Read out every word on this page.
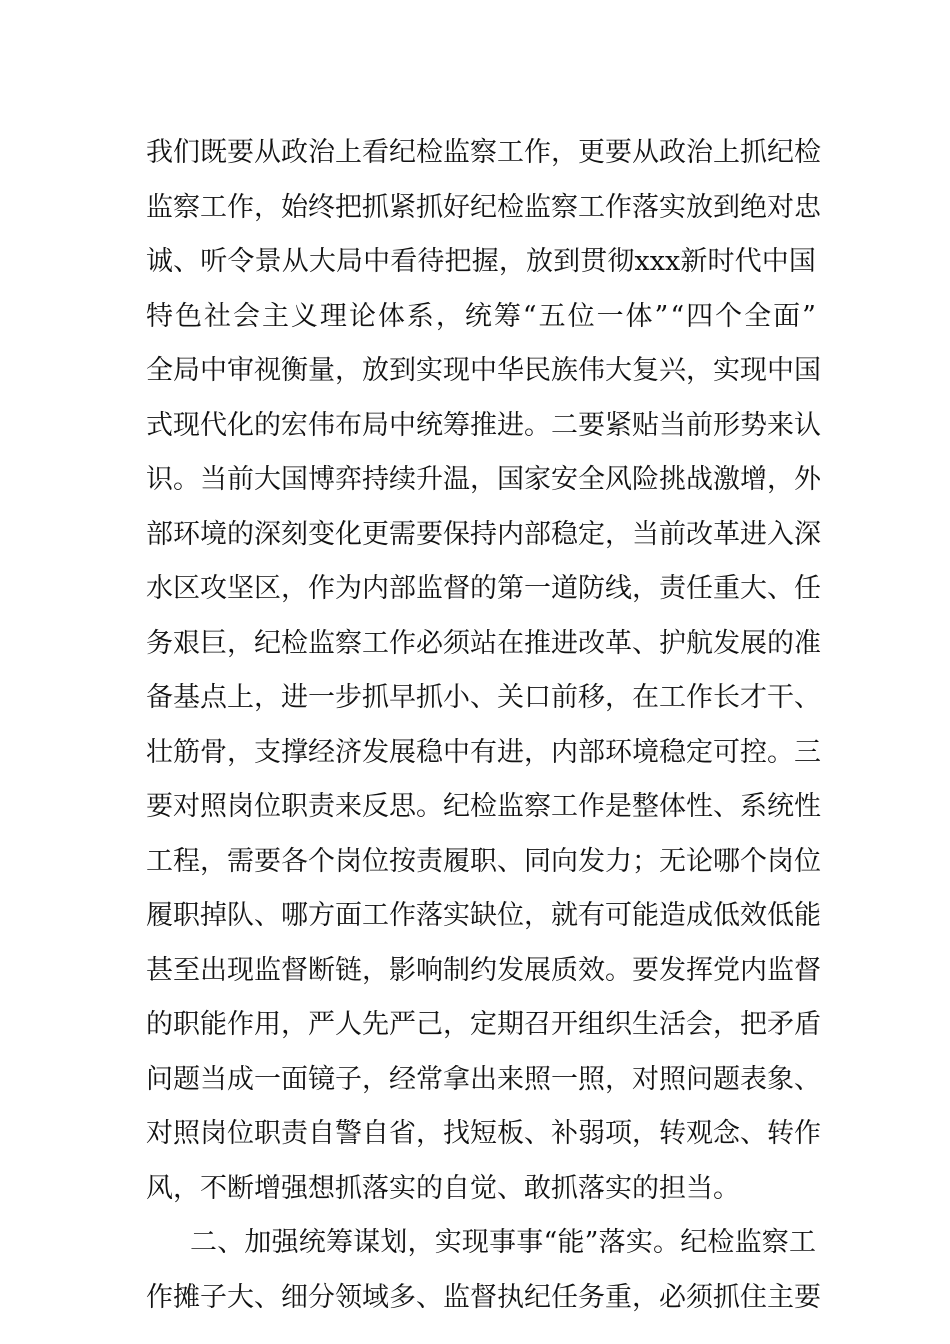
我 们 既 要 从 政 治 上 看 纪 检 监 察 工 作 ， 更 要 从 政 治 上 抓 纪 检
监 察 工 作 ， 始 终 把 抓 紧 抓 好 纪 检 监 察 工 作 落 实 放 到 绝 对 忠
诚 、 听 令 景 从 大 局 中 看 待 把 握 ， 放 到 贯 彻 xxx 新 时 代 中 国
特 色 社 会 主 义 理 论 体 系 ， 统 筹 “ 五 位 一 体 ” “ 四 个 全 面 ”
全 局 中 审 视 衡 量 ， 放 到 实 现 中 华 民 族 伟 大 复 兴 ， 实 现 中 国
式 现 代 化 的 宏 伟 布 局 中 统 筹 推 进 。 二 要 紧 贴 当 前 形 势 来 认
识 。 当 前 大 国 博 弈 持 续 升 温 ， 国 家 安 全 风 险 挑 战 激 增 ， 外
部 环 境 的 深 刻 变 化 更 需 要 保 持 内 部 稳 定 ， 当 前 改 革 进 入 深
水 区 攻 坚 区 ， 作 为 内 部 监 督 的 第 一 道 防 线 ， 责 任 重 大 、 任
务 艰 巨 ， 纪 检 监 察 工 作 必 须 站 在 推 进 改 革 、 护 航 发 展 的 准
备 基 点 上 ， 进 一 步 抓 早 抓 小 、 关 口 前 移 ， 在 工 作 长 才 干 、
壮 筋 骨 ， 支 撑 经 济 发 展 稳 中 有 进 ， 内 部 环 境 稳 定 可 控 。 三
要 对 照 岗 位 职 责 来 反 思 。 纪 检 监 察 工 作 是 整 体 性 、 系 统 性
工 程 ， 需 要 各 个 岗 位 按 责 履 职 、 同 向 发 力 ； 无 论 哪 个 岗 位
履 职 掉 队 、 哪 方 面 工 作 落 实 缺 位 ， 就 有 可 能 造 成 低 效 低 能
甚 至 出 现 监 督 断 链 ， 影 响 制 约 发 展 质 效 。 要 发 挥 党 内 监 督
的 职 能 作 用 ， 严 人 先 严 己 ， 定 期 召 开 组 织 生 活 会 ， 把 矛 盾
问 题 当 成 一 面 镜 子 ， 经 常 拿 出 来 照 一 照 ， 对 照 问 题 表 象 、
对 照 岗 位 职 责 自 警 自 省 ， 找 短 板 、 补 弱 项 ， 转 观 念 、 转 作
风，不断增强想抓落实的自觉、敢抓落实的担当。
二 、 加 强 统 筹 谋 划 ， 实 现 事 事 “ 能 ” 落 实 。 纪 检 监 察 工
作 摊 子 大 、 细 分 领 域 多 、 监 督 执 纪 任 务 重 ， 必 须 抓 住 主 要
